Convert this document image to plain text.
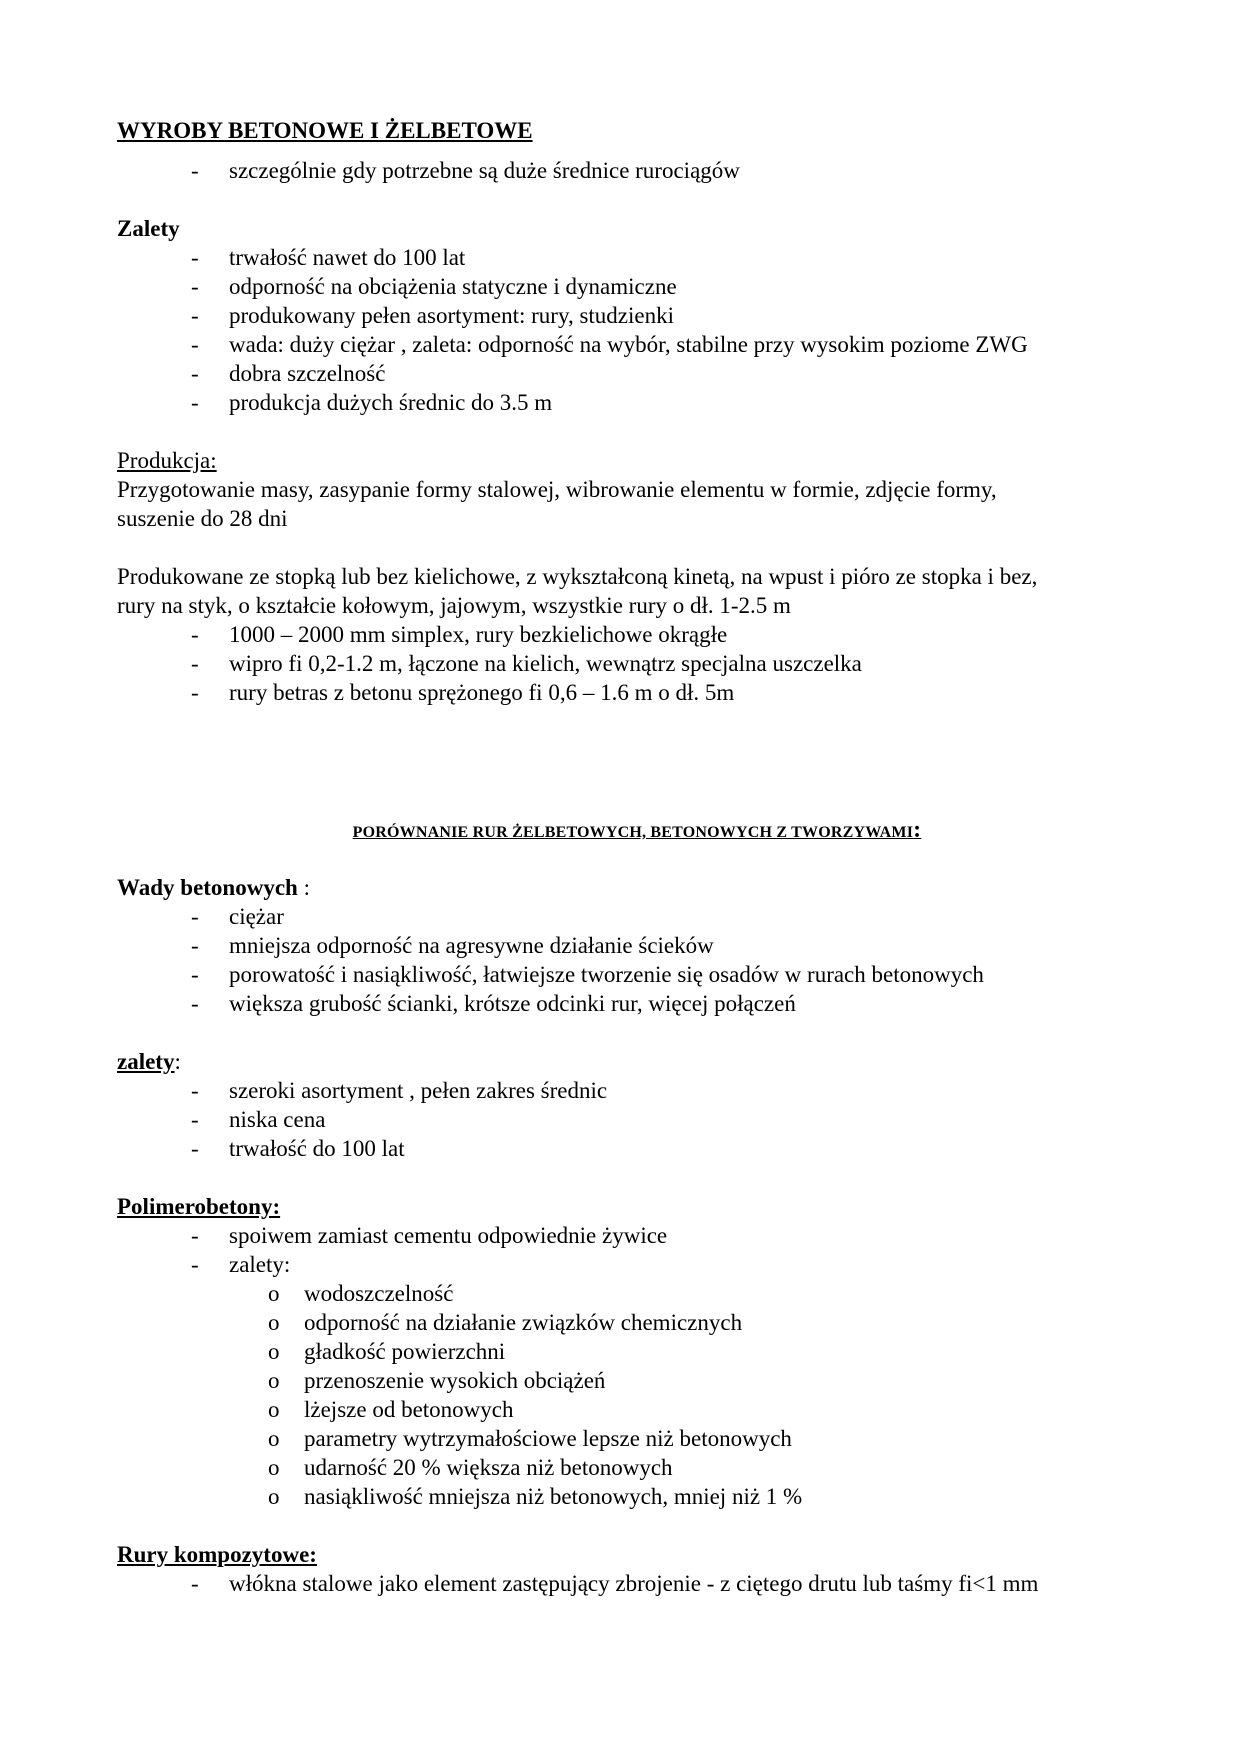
WYROBY BETONOWE I ŻELBETOWE
- szczególnie gdy potrzebne są duże średnice rurociągów
Zalety
- trwałość nawet do 100 lat
- odporność na obciążenia statyczne i dynamiczne
- produkowany pełen asortyment: rury, studzienki
- wada: duży ciężar , zaleta: odporność na wybór, stabilne przy wysokim poziome ZWG
- dobra szczelność
- produkcja dużych średnic do 3.5 m
Produkcja:

Przygotowanie masy, zasypanie formy stalowej, wibrowanie elementu w formie, zdjęcie formy,

suszenie do 28 dni

Produkowane ze stopką lub bez kielichowe, z wykształconą kinetą, na wpust i pióro ze stopka i bez,

rury na styk, o kształcie kołowym, jajowym, wszystkie rury o dł. 1-2.5 m

- 1000 – 2000 mm simplex, rury bezkielichowe okrągłe
- wipro fi 0,2-1.2 m, łączone na kielich, wewnątrz specjalna uszczelka
- rury betras z betonu sprężonego fi 0,6 – 1.6 m o dł. 5m

PORÓWNANIE RUR ŻELBETOWYCH, BETONOWYCH Z TWORZYWAMI:

Wady betonowych :
- ciężar
- mniejsza odporność na agresywne działanie ścieków
- porowatość i nasiąkliwość, łatwiejsze tworzenie się osadów w rurach betonowych
- większa grubość ścianki, krótsze odcinki rur, więcej połączeń
zalety:
- szeroki asortyment , pełen zakres średnic
- niska cena
- trwałość do 100 lat
Polimerobetony:
- spoiwem zamiast cementu odpowiednie żywice
- zalety:
o wodoszczelność
o odporność na działanie związków chemicznych
o gładkość powierzchni
o przenoszenie wysokich obciążeń
o lżejsze od betonowych
o parametry wytrzymałościowe lepsze niż betonowych
o udarność 20 % większa niż betonowych
o nasiąkliwość mniejsza niż betonowych, mniej niż 1 %
Rury kompozytowe:
- włókna stalowe jako element zastępujący zbrojenie - z ciętego drutu lub taśmy fi<1 mm
